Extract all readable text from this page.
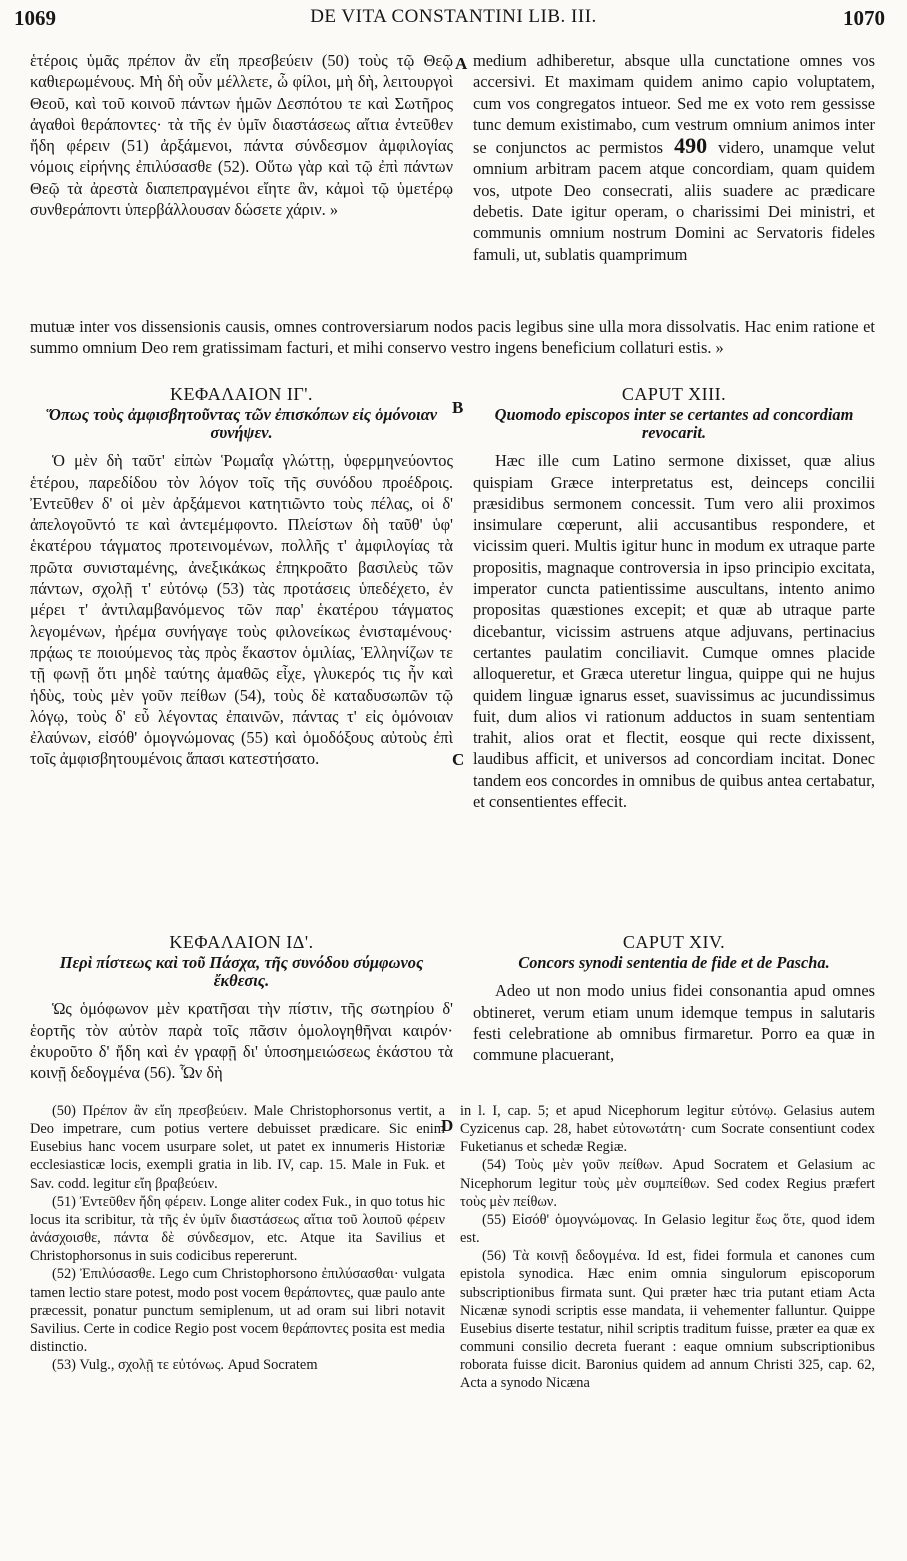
1069	DE VITA CONSTANTINI LIB. III.	1070
A
B
C
D

ἑτέροις ὑμᾶς πρέπον ἂν εἴη πρεσβεύειν (50) τοὺς τῷ Θεῷ καθιερωμένους. Μὴ δὴ οὖν μέλλετε, ὦ φίλοι, μὴ δὴ, λειτουργοὶ Θεοῦ, καὶ τοῦ κοινοῦ πάντων ἡμῶν Δεσπότου τε καὶ Σωτῆρος ἀγαθοὶ θεράποντες· τὰ τῆς ἐν ὑμῖν διαστάσεως αἴτια ἐντεῦθεν ἤδη φέρειν (51) ἀρξάμενοι, πάντα σύνδεσμον ἀμφιλογίας νόμοις εἰρήνης ἐπιλύσασθε (52). Οὕτω γὰρ καὶ τῷ ἐπὶ πάντων Θεῷ τὰ ἀρεστὰ διαπεπραγμένοι εἴητε ἂν, κἀμοὶ τῷ ὑμετέρῳ συνθεράποντι ὑπερβάλλουσαν δώσετε χάριν. »

medium adhiberetur, absque ulla cunctatione omnes vos accersivi. Et maximam quidem animo capio voluptatem, cum vos congregatos intueor. Sed me ex voto rem gessisse tunc demum existimabo, cum vestrum omnium animos inter se conjunctos ac permistos 490 videro, unamque velut omnium arbitram pacem atque concordiam, quam quidem vos, utpote Deo consecrati, aliis suadere ac prædicare debetis. Date igitur operam, o charissimi Dei ministri, et communis omnium nostrum Domini ac Servatoris fideles famuli, ut, sublatis quamprimum

mutuæ inter vos dissensionis causis, omnes controversiarum nodos pacis legibus sine ulla mora dissolvatis. Hac enim ratione et summo omnium Deo rem gratissimam facturi, et mihi conservo vestro ingens beneficium collaturi estis. »

ΚΕΦΑΛΑΙΟΝ ΙΓ'.
Ὅπως τοὺς ἀμφισβητοῦντας τῶν ἐπισκόπων εἰς ὁμόνοιαν συνήψεν.

Ὁ μὲν δὴ ταῦτ' εἰπὼν Ῥωμαΐᾳ γλώττῃ, ὑφερμηνεύοντος ἑτέρου, παρεδίδου τὸν λόγον τοῖς τῆς συνόδου προέδροις. Ἐντεῦθεν δ' οἱ μὲν ἀρξάμενοι κατητιῶντο τοὺς πέλας, οἱ δ' ἀπελογοῦντό τε καὶ ἀντεμέμφοντο. Πλείστων δὴ ταῦθ' ὑφ' ἑκατέρου τάγματος προτεινομένων, πολλῆς τ' ἀμφιλογίας τὰ πρῶτα συνισταμένης, ἀνεξικάκως ἐπηκροᾶτο βασιλεὺς τῶν πάντων, σχολῇ τ' εὐτόνῳ (53) τὰς προτάσεις ὑπεδέχετο, ἐν μέρει τ' ἀντιλαμβανόμενος τῶν παρ' ἑκατέρου τάγματος λεγομένων, ἠρέμα συνήγαγε τοὺς φιλονείκως ἐνισταμένους· πρᾴως τε ποιούμενος τὰς πρὸς ἕκαστον ὁμιλίας, Ἑλληνίζων τε τῇ φωνῇ ὅτι μηδὲ ταύτης ἀμαθῶς εἶχε, γλυκερός τις ἦν καὶ ἡδὺς, τοὺς μὲν γοῦν πείθων (54), τοὺς δὲ καταδυσωπῶν τῷ λόγῳ, τοὺς δ' εὖ λέγοντας ἐπαινῶν, πάντας τ' εἰς ὁμόνοιαν ἐλαύνων, εἰσόθ' ὁμογνώμονας (55) καὶ ὁμοδόξους αὐτοὺς ἐπὶ τοῖς ἀμφισβητουμένοις ἅπασι κατεστήσατο.

CAPUT XIII.
Quomodo episcopos inter se certantes ad concordiam revocarit.

Hæc ille cum Latino sermone dixisset, quæ alius quispiam Græce interpretatus est, deinceps concilii præsidibus sermonem concessit. Tum vero alii proximos insimulare cœperunt, alii accusantibus respondere, et vicissim queri. Multis igitur hunc in modum ex utraque parte propositis, magnaque controversia in ipso principio excitata, imperator cuncta patientissime auscultans, intento animo propositas quæstiones excepit; et quæ ab utraque parte dicebantur, vicissim astruens atque adjuvans, pertinacius certantes paulatim conciliavit. Cumque omnes placide alloqueretur, et Græca uteretur lingua, quippe qui ne hujus quidem linguæ ignarus esset, suavissimus ac jucundissimus fuit, dum alios vi rationum adductos in suam sententiam trahit, alios orat et flectit, eosque qui recte dixissent, laudibus afficit, et universos ad concordiam incitat. Donec tandem eos concordes in omnibus de quibus antea certabatur, et consentientes effecit.

ΚΕΦΑΛΑΙΟΝ ΙΔ'.
Περὶ πίστεως καὶ τοῦ Πάσχα, τῆς συνόδου σύμφωνος ἔκθεσις.

Ὡς ὁμόφωνον μὲν κρατῆσαι τὴν πίστιν, τῆς σωτηρίου δ' ἑορτῆς τὸν αὐτὸν παρὰ τοῖς πᾶσιν ὁμολογηθῆναι καιρόν· ἐκυροῦτο δ' ἤδη καὶ ἐν γραφῇ δι' ὑποσημειώσεως ἑκάστου τὰ κοινῇ δεδογμένα (56). Ὧν δὴ

CAPUT XIV.
Concors synodi sententia de fide et de Pascha.

Adeo ut non modo unius fidei consonantia apud omnes obtineret, verum etiam unum idemque tempus in salutaris festi celebratione ab omnibus firmaretur. Porro ea quæ in commune placuerant,

(50) Πρέπον ἂν εἴη πρεσβεύειν. Male Christophorsonus vertit, a Deo impetrare, cum potius vertere debuisset prædicare. Sic enim Eusebius hanc vocem usurpare solet, ut patet ex innumeris Historiæ ecclesiasticæ locis, exempli gratia in lib. IV, cap. 15. Male in Fuk. et Sav. codd. legitur εἴη βραβεύειν.

(51) Ἐντεῦθεν ἤδη φέρειν. Longe aliter codex Fuk., in quo totus hic locus ita scribitur, τὰ τῆς ἐν ὑμῖν διαστάσεως αἴτια τοῦ λοιποῦ φέρειν ἀνάσχοισθε, πάντα δὲ σύνδεσμον, etc. Atque ita Savilius et Christophorsonus in suis codicibus repererunt.

(52) Ἐπιλύσασθε. Lego cum Christophorsono ἐπιλύσασθαι· vulgata tamen lectio stare potest, modo post vocem θεράποντες, quæ paulo ante præcessit, ponatur punctum semiplenum, ut ad oram sui libri notavit Savilius. Certe in codice Regio post vocem θεράποντες posita est media distinctio.

(53) Vulg., σχολῇ τε εὐτόνως. Apud Socratem

in l. I, cap. 5; et apud Nicephorum legitur εὐτόνῳ. Gelasius autem Cyzicenus cap. 28, habet εὐτονωτάτη· cum Socrate consentiunt codex Fuketianus et schedæ Regiæ.

(54) Τοὺς μὲν γοῦν πείθων. Apud Socratem et Gelasium ac Nicephorum legitur τοὺς μὲν συμπείθων. Sed codex Regius præfert τοὺς μὲν πείθων.

(55) Εἰσόθ' ὁμογνώμονας. In Gelasio legitur ἕως ὅτε, quod idem est.

(56) Τὰ κοινῇ δεδογμένα. Id est, fidei formula et canones cum epistola synodica. Hæc enim omnia singulorum episcoporum subscriptionibus firmata sunt. Qui præter hæc tria putant etiam Acta Nicænæ synodi scriptis esse mandata, ii vehementer falluntur. Quippe Eusebius diserte testatur, nihil scriptis traditum fuisse, præter ea quæ ex communi consilio decreta fuerant : eaque omnium subscriptionibus roborata fuisse dicit. Baronius quidem ad annum Christi 325, cap. 62, Acta a synodo Nicæna
